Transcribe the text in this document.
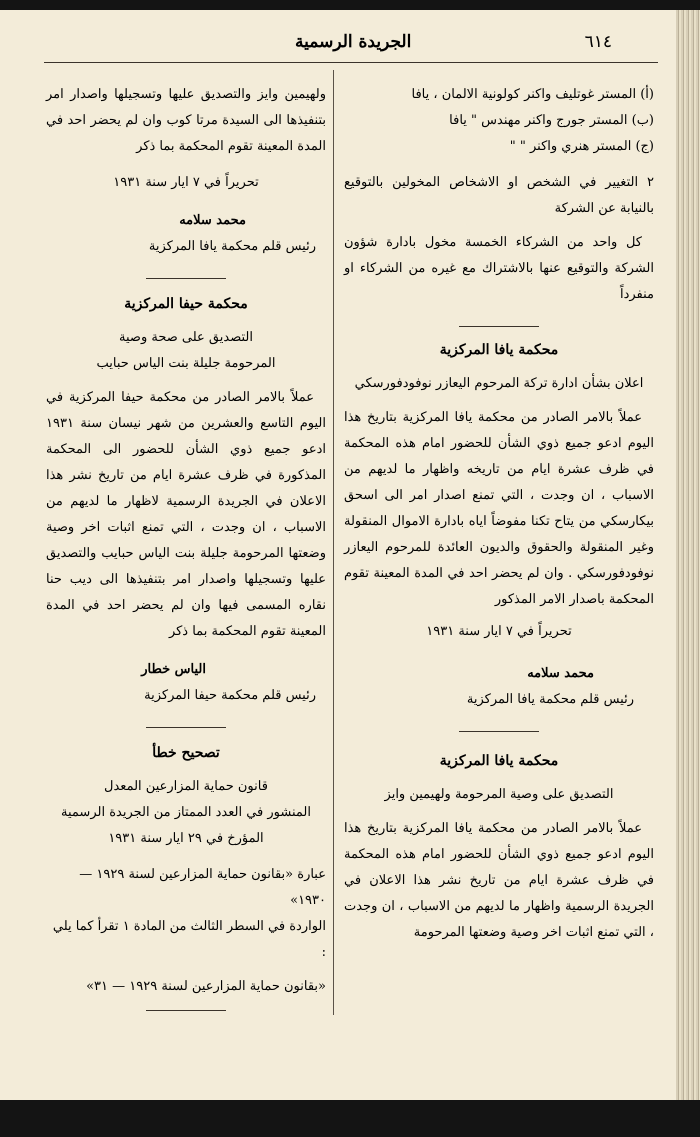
الجريدة الرسمية	٦١٤

(أ) المستر غوتليف واكنر كولونية الالمان ، يافا

(ب) المستر جورج واكنر مهندس " يافا

(ج) المستر هنري واكنر " "

٢ التغيير في الشخص او الاشخاص المخولين بالتوقيع بالنيابة عن الشركة

كل واحد من الشركاء الخمسة مخول بادارة شؤون الشركة والتوقيع عنها بالاشتراك مع غيره من الشركاء او منفرداً

محكمة يافا المركزية

اعلان بشأن ادارة تركة المرحوم اليعازر نوفودفورسكي

عملاً بالامر الصادر من محكمة يافا المركزية بتاريخ هذا اليوم ادعو جميع ذوي الشأن للحضور امام هذه المحكمة في ظرف عشرة ايام من تاريخه واظهار ما لديهم من الاسباب ، ان وجدت ، التي تمنع اصدار امر الى اسحق بيكارسكي من يتاح تكنا مفوضاً اياه بادارة الاموال المنقولة وغير المنقولة والحقوق والديون العائدة للمرحوم اليعازر نوفودفورسكي . وان لم يحضر احد في المدة المعينة تقوم المحكمة باصدار الامر المذكور

تحريراً في ٧ ايار سنة ١٩٣١

محمد سلامه

رئيس قلم محكمة يافا المركزية

محكمة يافا المركزية

التصديق على وصية المرحومة ولهيمين وايز

عملاً بالامر الصادر من محكمة يافا المركزية بتاريخ هذا اليوم ادعو جميع ذوي الشأن للحضور امام هذه المحكمة في ظرف عشرة ايام من تاريخ نشر هذا الاعلان في الجريدة الرسمية واظهار ما لديهم من الاسباب ، ان وجدت ، التي تمنع اثبات اخر وصية وضعتها المرحومة

ولهيمين وايز والتصديق عليها وتسجيلها واصدار امر بتنفيذها الى السيدة مرتا كوب وان لم يحضر احد في المدة المعينة تقوم المحكمة بما ذكر

تحريراً في ٧ ايار سنة ١٩٣١

محمد سلامه

رئيس قلم محكمة يافا المركزية

محكمة حيفا المركزية

التصديق على صحة وصية

المرحومة جليلة بنت الياس حبايب

عملاً بالامر الصادر من محكمة حيفا المركزية في اليوم التاسع والعشرين من شهر نيسان سنة ١٩٣١ ادعو جميع ذوي الشأن للحضور الى المحكمة المذكورة في ظرف عشرة ايام من تاريخ نشر هذا الاعلان في الجريدة الرسمية لاظهار ما لديهم من الاسباب ، ان وجدت ، التي تمنع اثبات اخر وصية وضعتها المرحومة جليلة بنت الياس حبايب والتصديق عليها وتسجيلها واصدار امر بتنفيذها الى ديب حنا نقاره المسمى فيها وان لم يحضر احد في المدة المعينة تقوم المحكمة بما ذكر

الياس خطار

رئيس قلم محكمة حيفا المركزية

تصحيح خطأ

قانون حماية المزارعين المعدل

المنشور في العدد الممتاز من الجريدة الرسمية

المؤرخ في ٢٩ ايار سنة ١٩٣١

عبارة «بقانون حماية المزارعين لسنة ١٩٢٩ — ١٩٣٠»

الواردة في السطر الثالث من المادة ١ تقرأ كما يلي :

«بقانون حماية المزارعين لسنة ١٩٢٩ — ٣١»
